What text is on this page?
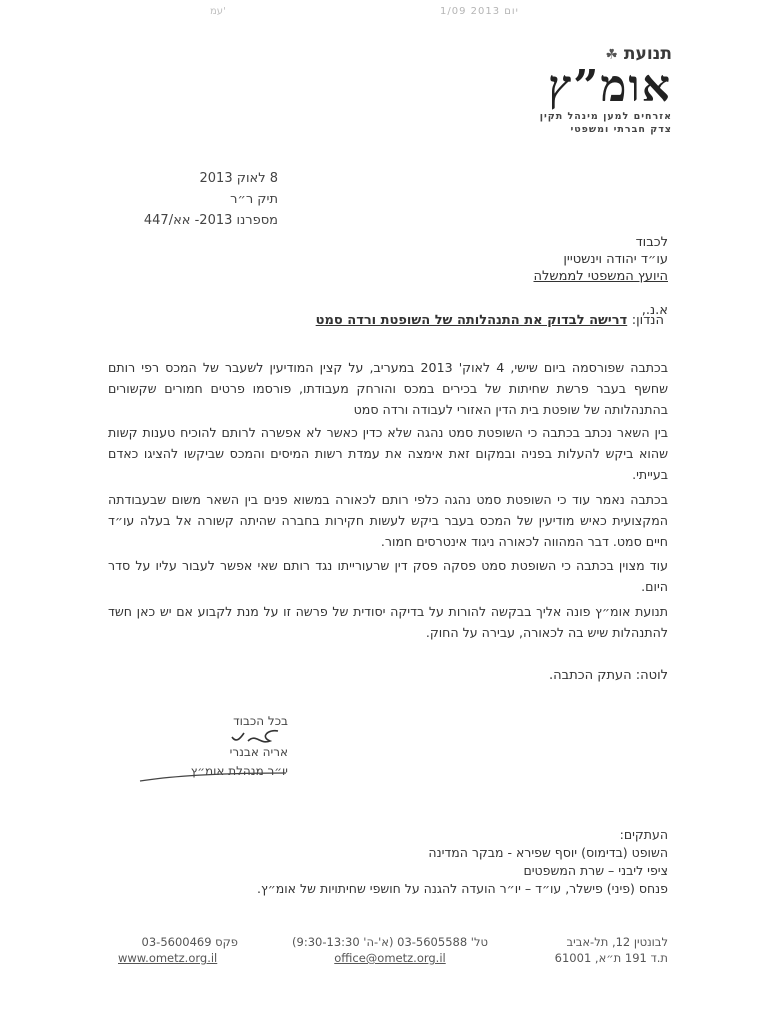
1/09 2013 יום
עמ'
☘ תנועת
אומ”ץ
אזרחים למען מינהל תקין
צדק חברתי ומשפטי
8 לאוק 2013
תיק ר״ר
מספרנו 2013- אא/447
לכבוד
עו״ד יהודה וינשטיין
היועץ המשפטי לממשלה
א.נ.,
הנדון: דרישה לבדוק את התנהלותה של השופטת ורדה סמט
בכתבה שפורסמה ביום שישי, 4 לאוק' 2013 במעריב, על קצין המודיעין לשעבר של המכס רפי רותם שחשף בעבר פרשת שחיתות של בכירים במכס והורחק מעבודתו, פורסמו פרטים חמורים שקשורים בהתנהלותה של שופטת בית הדין האזורי לעבודה ורדה סמט
בין השאר נכתב בכתבה כי השופטת סמט נהגה שלא כדין כאשר לא אפשרה לרותם להוכיח טענות קשות שהוא ביקש להעלות בפניה ובמקום זאת אימצה את עמדת רשות המיסים והמכס שביקשו להציגו כאדם בעייתי.
בכתבה נאמר עוד כי השופטת סמט נהגה כלפי רותם לכאורה במשוא פנים בין השאר משום שבעבודתה המקצועית כאיש מודיעין של המכס בעבר ביקש לעשות חקירות בחברה שהיתה קשורה אל בעלה עו״ד חיים סמט. דבר המהווה לכאורה ניגוד אינטרסים חמור.
עוד מצוין בכתבה כי השופטת סמט פסקה פסק דין שרעורייתו נגד רותם שאי אפשר לעבור עליו על סדר היום.
תנועת אומ״ץ פונה אליך בבקשה להורות על בדיקה יסודית של פרשה זו על מנת לקבוע אם יש כאן חשד להתנהלות שיש בה לכאורה, עבירה על החוק.
לוטה: העתק הכתבה.
בכל הכבוד
אריה אבנרי
יו״ר מנהלת אומ״ץ
העתקים:
השופט (בדימוס) יוסף שפירא - מבקר המדינה
ציפי ליבני – שרת המשפטים
פנחס (פיני) פישלר, עו״ד – יו״ר הועדה להגנה על חושפי שחיתויות של אומ״ץ.
לבונטין 12, תל-אביב
ת.ד 191 ת״א, 61001
טל' 03-5605588 (א'-ה' 9:30-13:30)
office@ometz.org.il
פקס 03-5600469
www.ometz.org.il
